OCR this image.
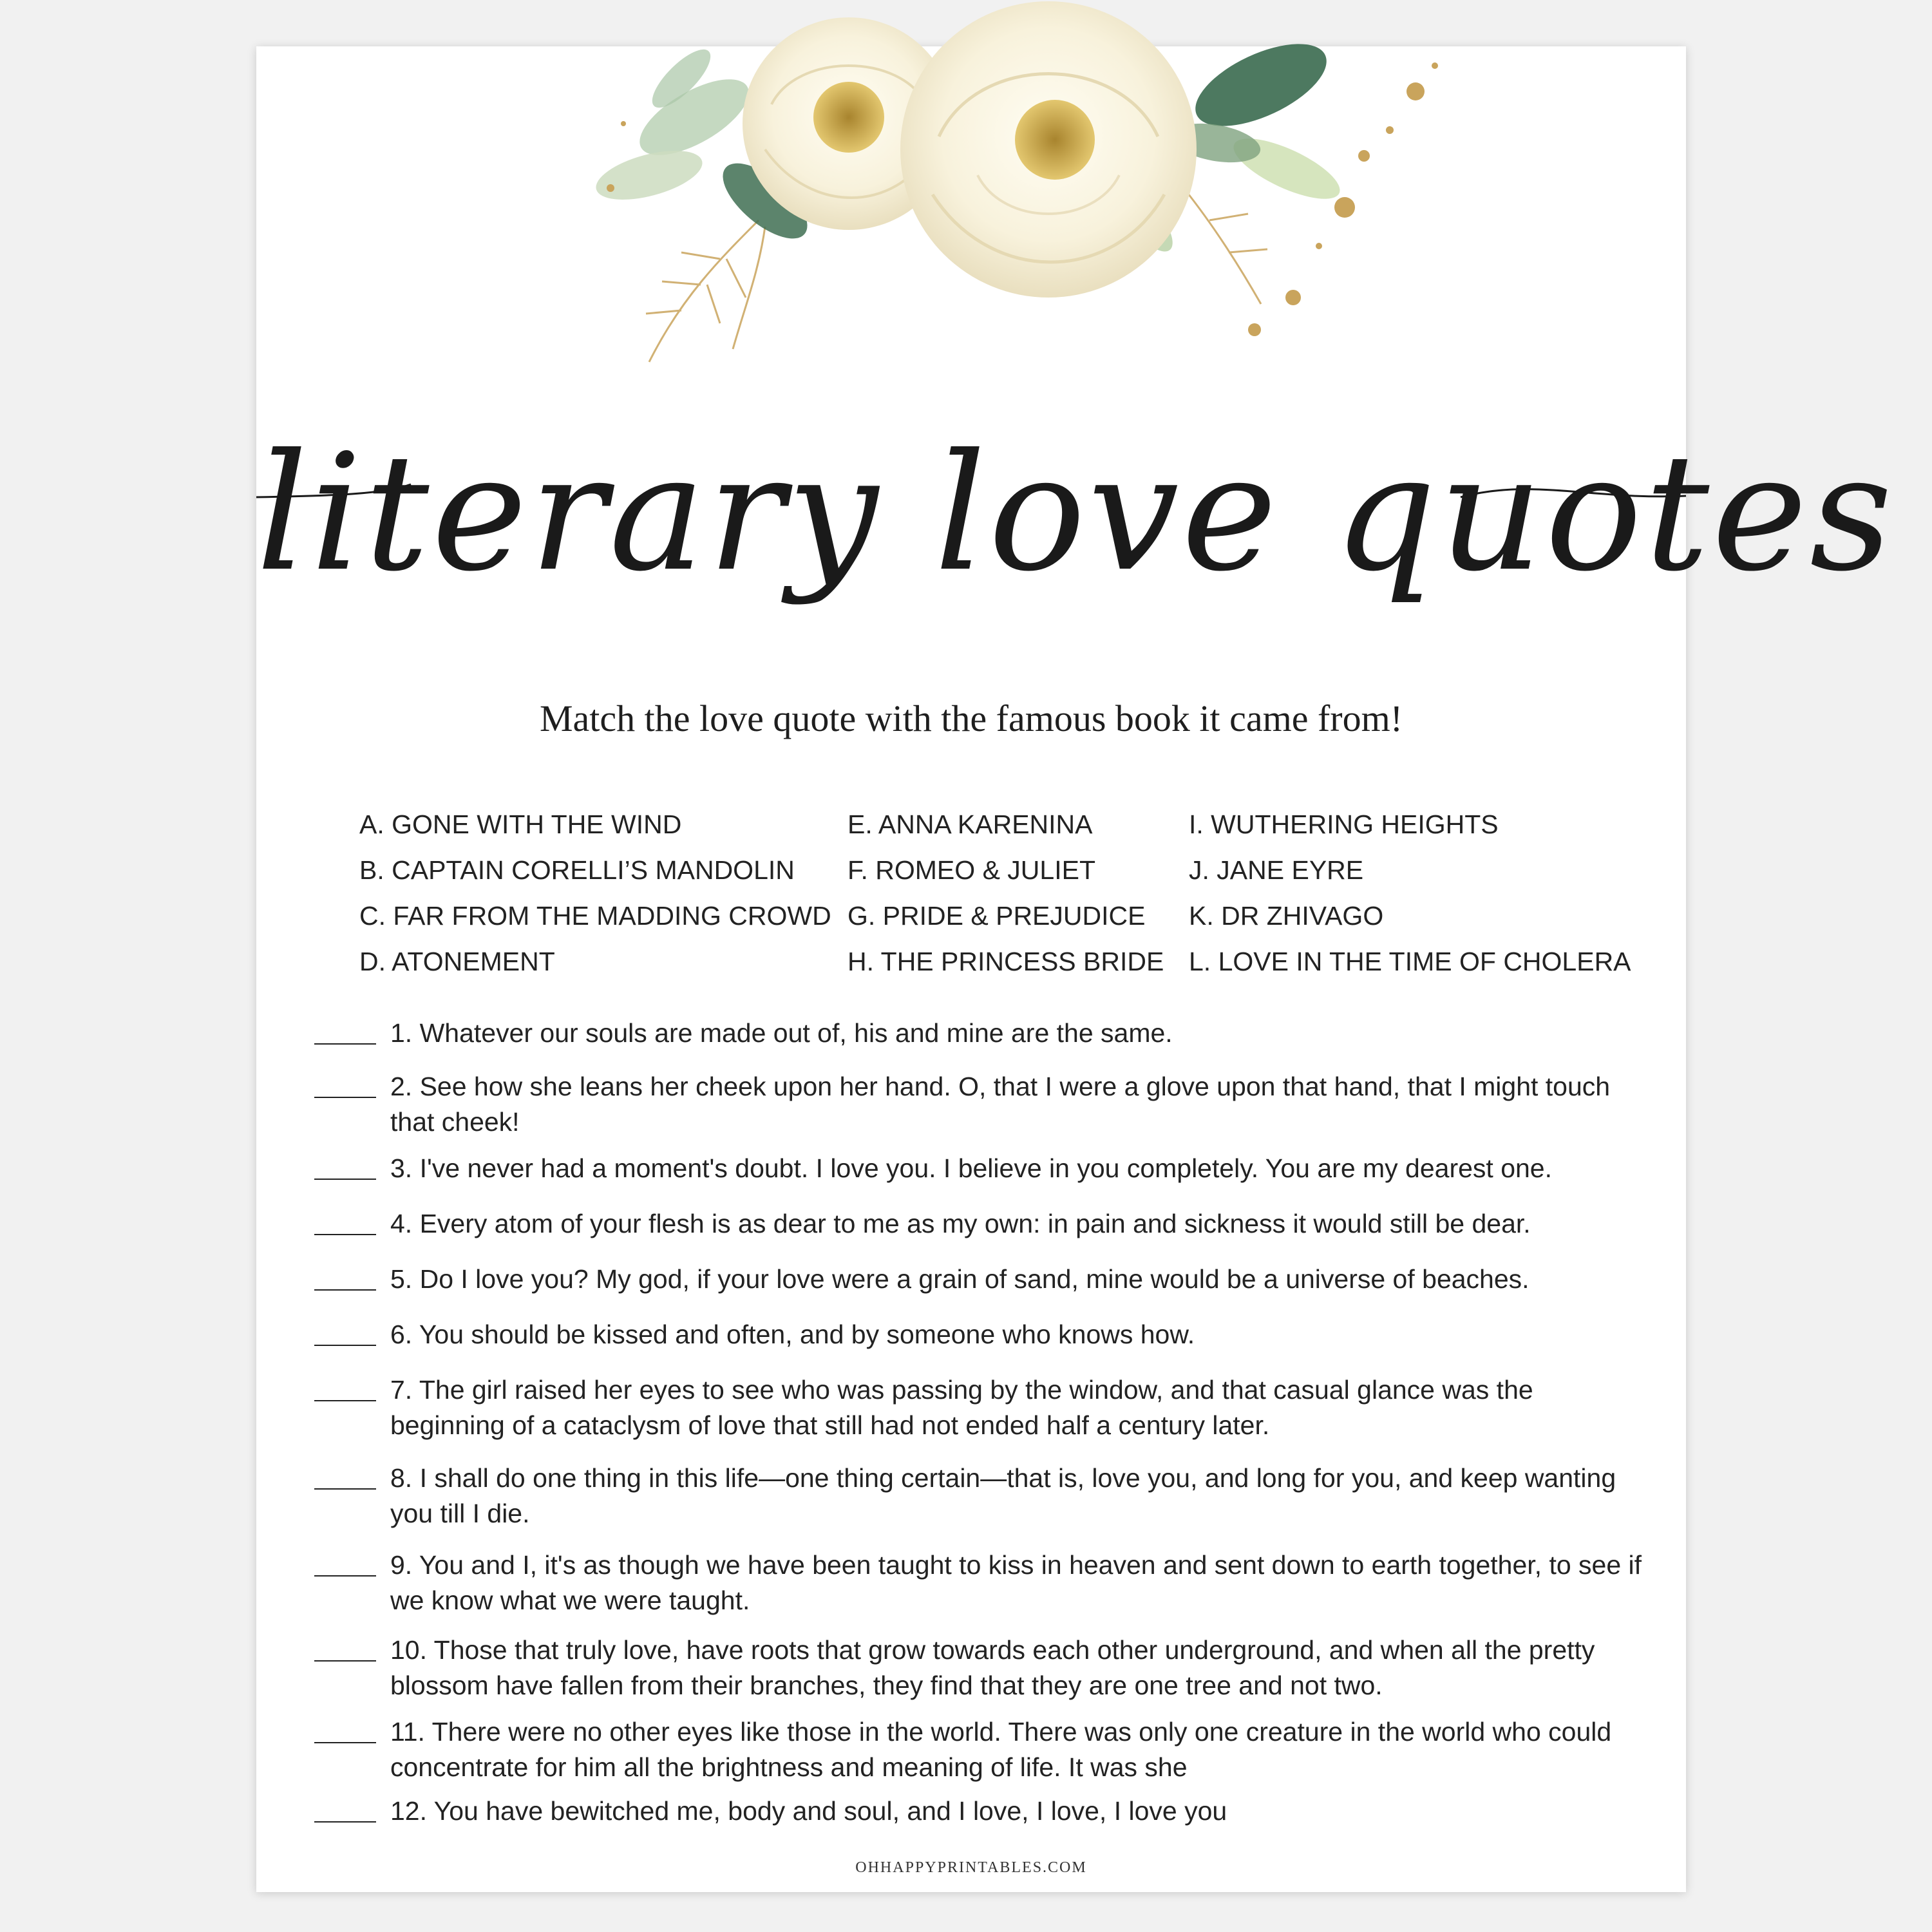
literary love quotes
Match the love quote with the famous book it came from!
A. GONE WITH THE WIND
B. CAPTAIN CORELLI’S MANDOLIN
C. FAR FROM THE MADDING CROWD
D. ATONEMENT
E. ANNA KARENINA
F. ROMEO & JULIET
G. PRIDE & PREJUDICE
H. THE PRINCESS BRIDE
I. WUTHERING HEIGHTS
J. JANE EYRE
K. DR ZHIVAGO
L. LOVE IN THE TIME OF CHOLERA
1. Whatever our souls are made out of, his and mine are the same.
2. See how she leans her cheek upon her hand. O, that I were a glove upon that hand, that I might touch that cheek!
3. I've never had a moment's doubt. I love you. I believe in you completely. You are my dearest one.
4. Every atom of your flesh is as dear to me as my own: in pain and sickness it would still be dear.
5. Do I love you? My god, if your love were a grain of sand, mine would be a universe of beaches.
6. You should be kissed and often, and by someone who knows how.
7. The girl raised her eyes to see who was passing by the window, and that casual glance was the beginning of a cataclysm of love that still had not ended half a century later.
8. I shall do one thing in this life—one thing certain—that is, love you, and long for you, and keep wanting you till I die.
9. You and I, it's as though we have been taught to kiss in heaven and sent down to earth together, to see if we know what we were taught.
10. Those that truly love, have roots that grow towards each other underground, and when all the pretty blossom have fallen from their branches, they find that they are one tree and not two.
11. There were no other eyes like those in the world. There was only one creature in the world who could concentrate for him all the brightness and meaning of life. It was she
12. You have bewitched me, body and soul, and I love, I love, I love you
OHHAPPYPRINTABLES.COM
